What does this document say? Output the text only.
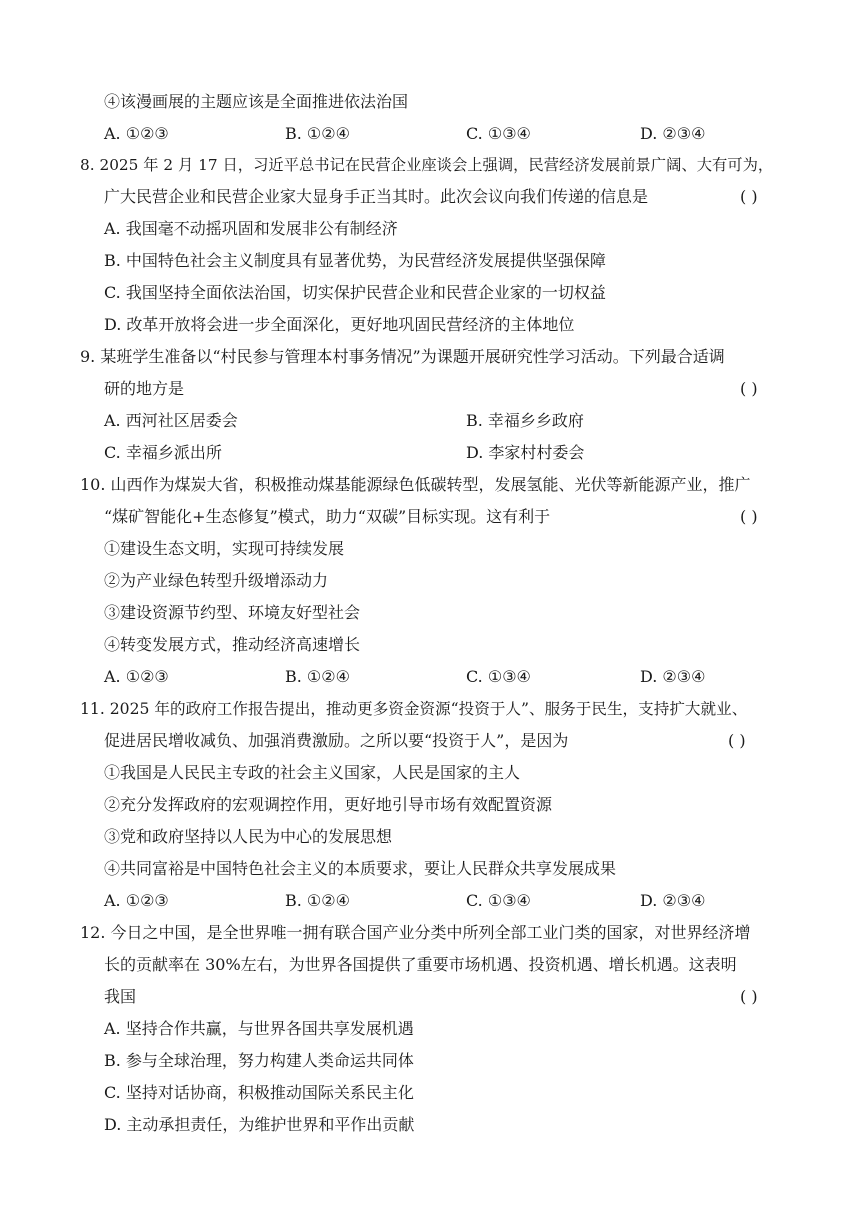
④该漫画展的主题应该是全面推进依法治国
A. ①②③	B. ①②④	C. ①③④	D. ②③④
8. 2025 年 2 月 17 日，习近平总书记在民营企业座谈会上强调，民营经济发展前景广阔、大有可为，
广大民营企业和民营企业家大显身手正当其时。此次会议向我们传递的信息是	( )
A. 我国毫不动摇巩固和发展非公有制经济
B. 中国特色社会主义制度具有显著优势，为民营经济发展提供坚强保障
C. 我国坚持全面依法治国，切实保护民营企业和民营企业家的一切权益
D. 改革开放将会进一步全面深化，更好地巩固民营经济的主体地位
9. 某班学生准备以“村民参与管理本村事务情况”为课题开展研究性学习活动。下列最合适调
研的地方是	( )
A. 西河社区居委会	B. 幸福乡乡政府
C. 幸福乡派出所	D. 李家村村委会
10. 山西作为煤炭大省，积极推动煤基能源绿色低碳转型，发展氢能、光伏等新能源产业，推广
“煤矿智能化+生态修复”模式，助力“双碳”目标实现。这有利于	( )
①建设生态文明，实现可持续发展
②为产业绿色转型升级增添动力
③建设资源节约型、环境友好型社会
④转变发展方式，推动经济高速增长
A. ①②③	B. ①②④	C. ①③④	D. ②③④
11. 2025 年的政府工作报告提出，推动更多资金资源“投资于人”、服务于民生，支持扩大就业、
促进居民增收减负、加强消费激励。之所以要“投资于人”，是因为	( )
①我国是人民民主专政的社会主义国家，人民是国家的主人
②充分发挥政府的宏观调控作用，更好地引导市场有效配置资源
③党和政府坚持以人民为中心的发展思想
④共同富裕是中国特色社会主义的本质要求，要让人民群众共享发展成果
A. ①②③	B. ①②④	C. ①③④	D. ②③④
12. 今日之中国，是全世界唯一拥有联合国产业分类中所列全部工业门类的国家，对世界经济增
长的贡献率在 30%左右，为世界各国提供了重要市场机遇、投资机遇、增长机遇。这表明
我国	( )
A. 坚持合作共赢，与世界各国共享发展机遇
B. 参与全球治理，努力构建人类命运共同体
C. 坚持对话协商，积极推动国际关系民主化
D. 主动承担责任，为维护世界和平作出贡献
